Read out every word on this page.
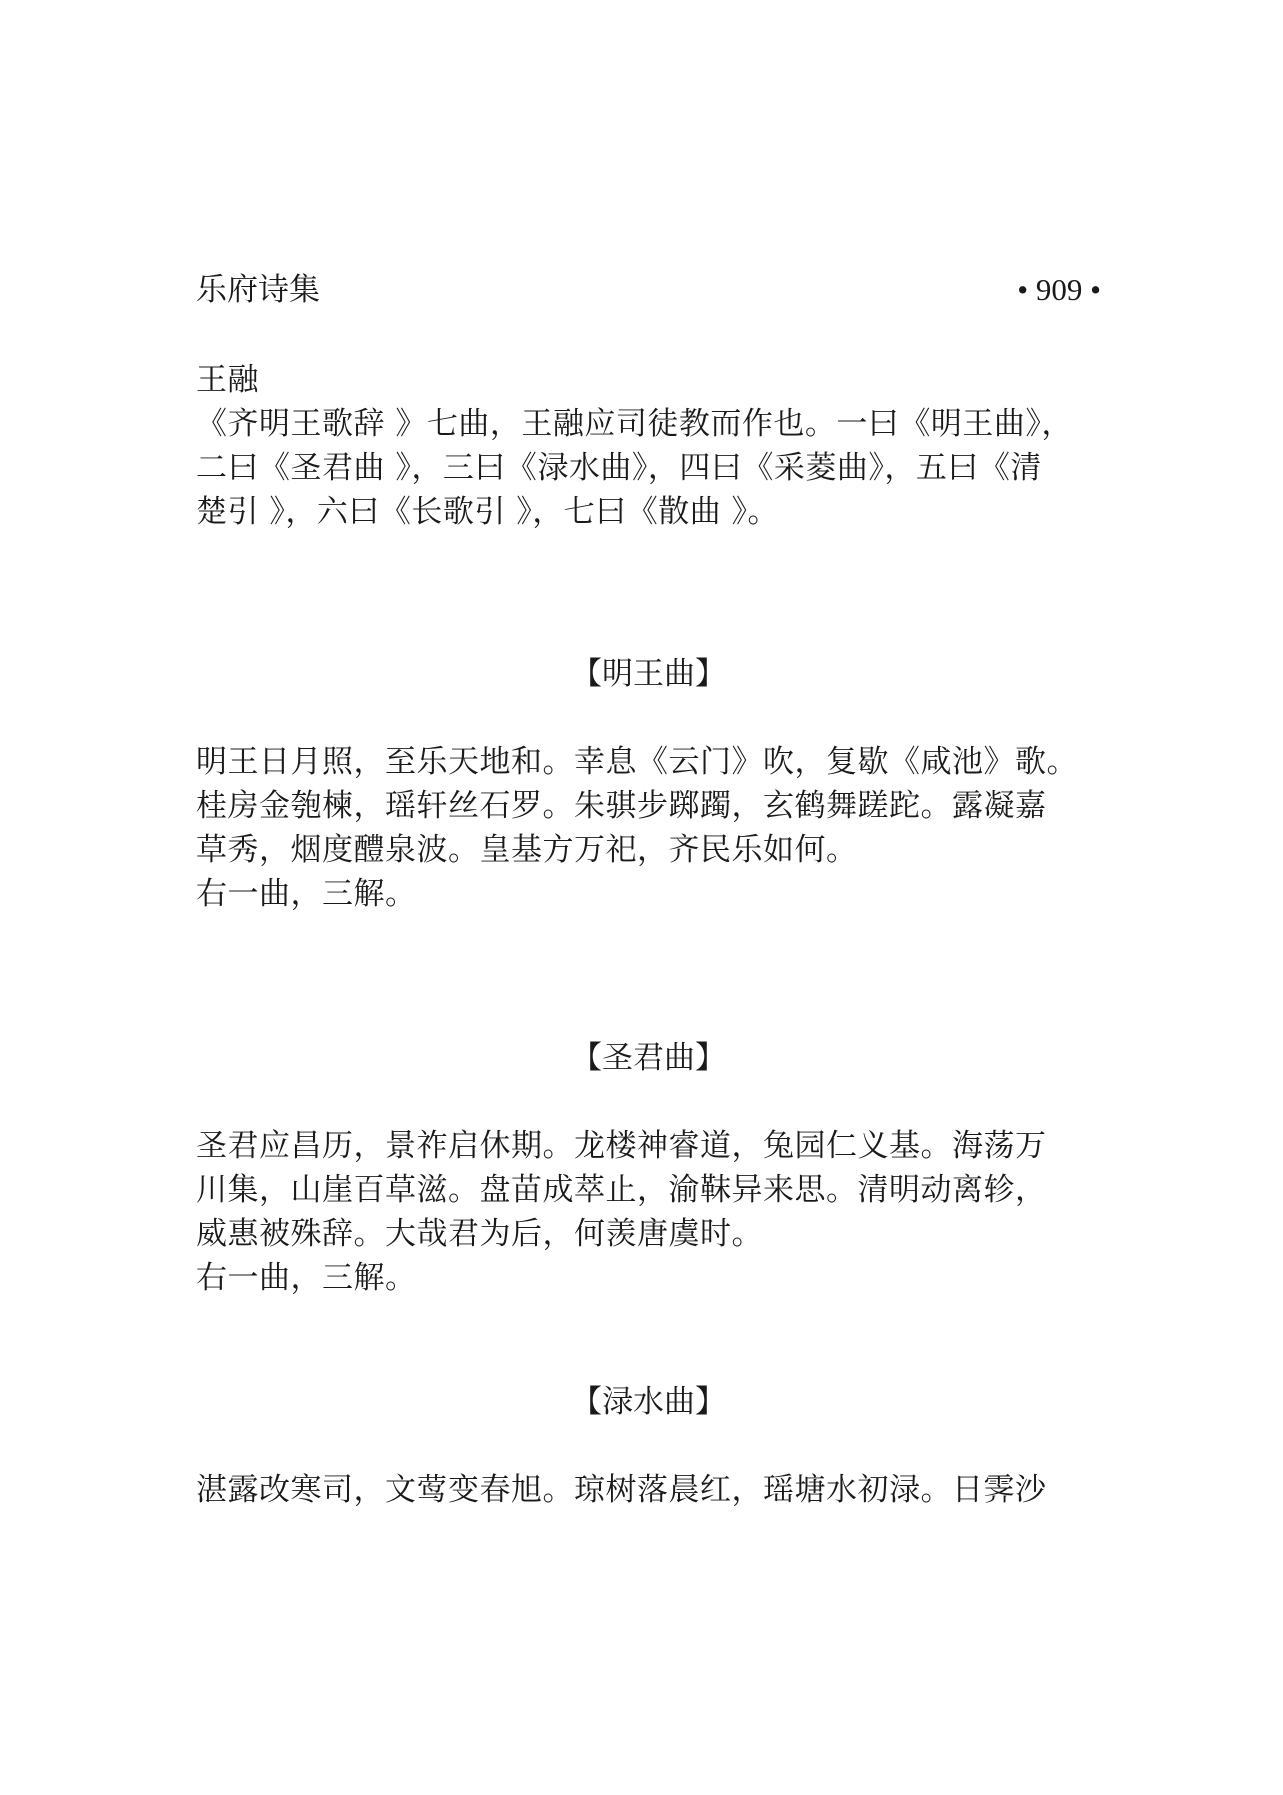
乐府诗集	• 909 •
王融
《齐明王歌辞 》七曲，王融应司徒教而作也。一曰《明王曲》，
二曰《圣君曲 》，三曰《渌水曲》，四曰《采菱曲》，五曰《清
楚引 》，六曰《长歌引 》，七曰《散曲 》。
【明王曲】
明王日月照，至乐天地和。幸息《云门》吹，复歇《咸池》歌。
桂房金匏楝，瑶轩丝石罗。朱骐步踯躅，玄鹤舞蹉跎。露凝嘉
草秀，烟度醴泉波。皇基方万祀，齐民乐如何。
右一曲，三解。
【圣君曲】
圣君应昌历，景祚启休期。龙楼神睿道，兔园仁义基。海荡万
川集，山崖百草滋。盘苗成萃止，渝靺异来思。清明动离轸，
威惠被殊辞。大哉君为后，何羡唐虞时。
右一曲，三解。
【渌水曲】
湛露改寒司，文莺变春旭。琼树落晨红，瑶塘水初渌。日霁沙
